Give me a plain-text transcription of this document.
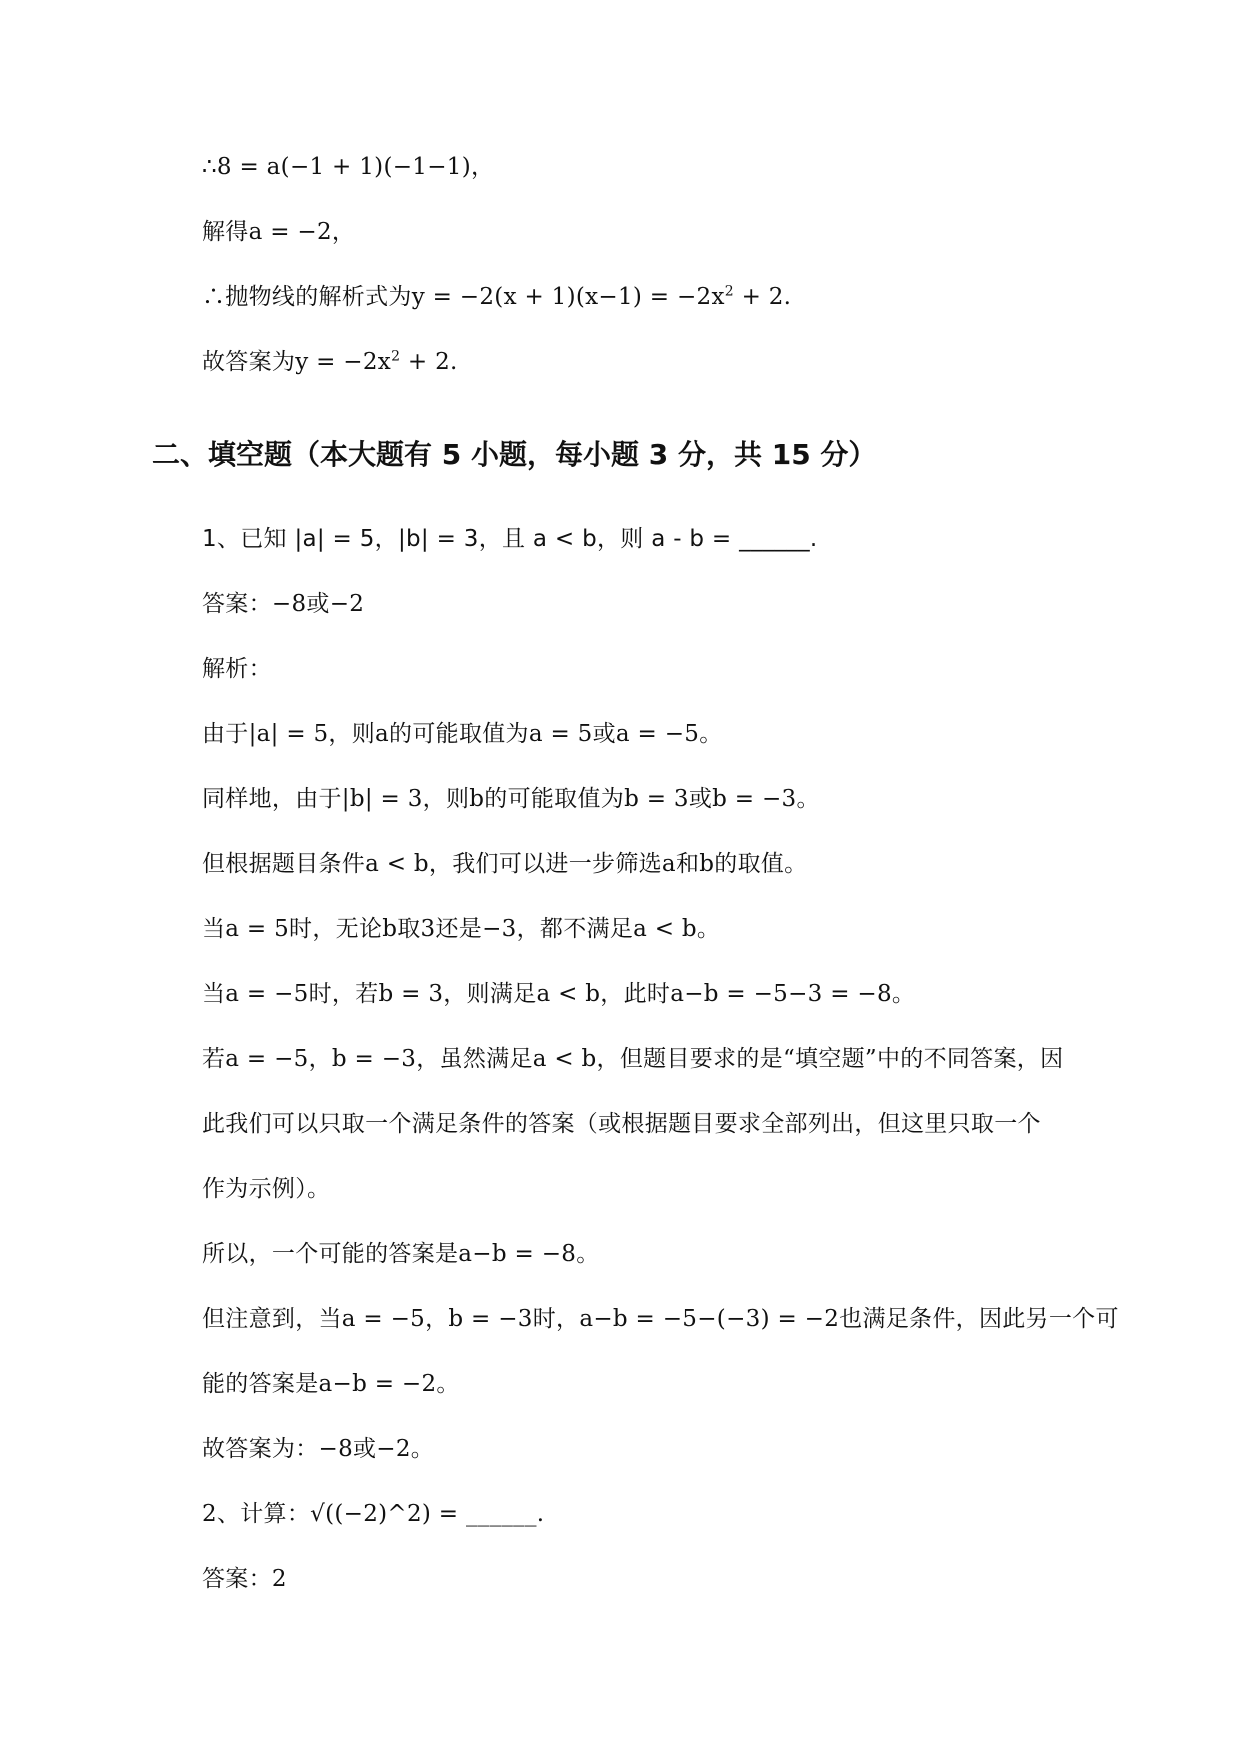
∴8 = a(−1 + 1)(−1−1)，
解得a = −2，
∴抛物线的解析式为$y = -2(x + 1)(x-1) = -2x^2 + 2$.
故答案为$y = -2x^2 + 2$.
二、填空题（本大题有 5 小题，每小题 3 分，共 15 分）
1、已知 |a| = 5，|b| = 3，且 a < b，则 a - b = ______.
答案：−8或−2
解析：
由于|a| = 5，则a的可能取值为a = 5或a = −5。
同样地，由于|b| = 3，则b的可能取值为b = 3或b = −3。
但根据题目条件a < b，我们可以进一步筛选a和b的取值。
当a = 5时，无论b取3还是−3，都不满足a < b。
当a = −5时，若b = 3，则满足a < b，此时a−b = −5−3 = −8。
若a = −5，b = −3，虽然满足a < b，但题目要求的是“填空题”中的不同答案，因
此我们可以只取一个满足条件的答案（或根据题目要求全部列出，但这里只取一个
作为示例）。
所以，一个可能的答案是a−b = −8。
但注意到，当a = −5，b = −3时，a−b = −5−(−3) = −2也满足条件，因此另一个可
能的答案是a−b = −2。
故答案为：−8或−2。
2、计算：√((−2)^2) = ______.
答案：2
